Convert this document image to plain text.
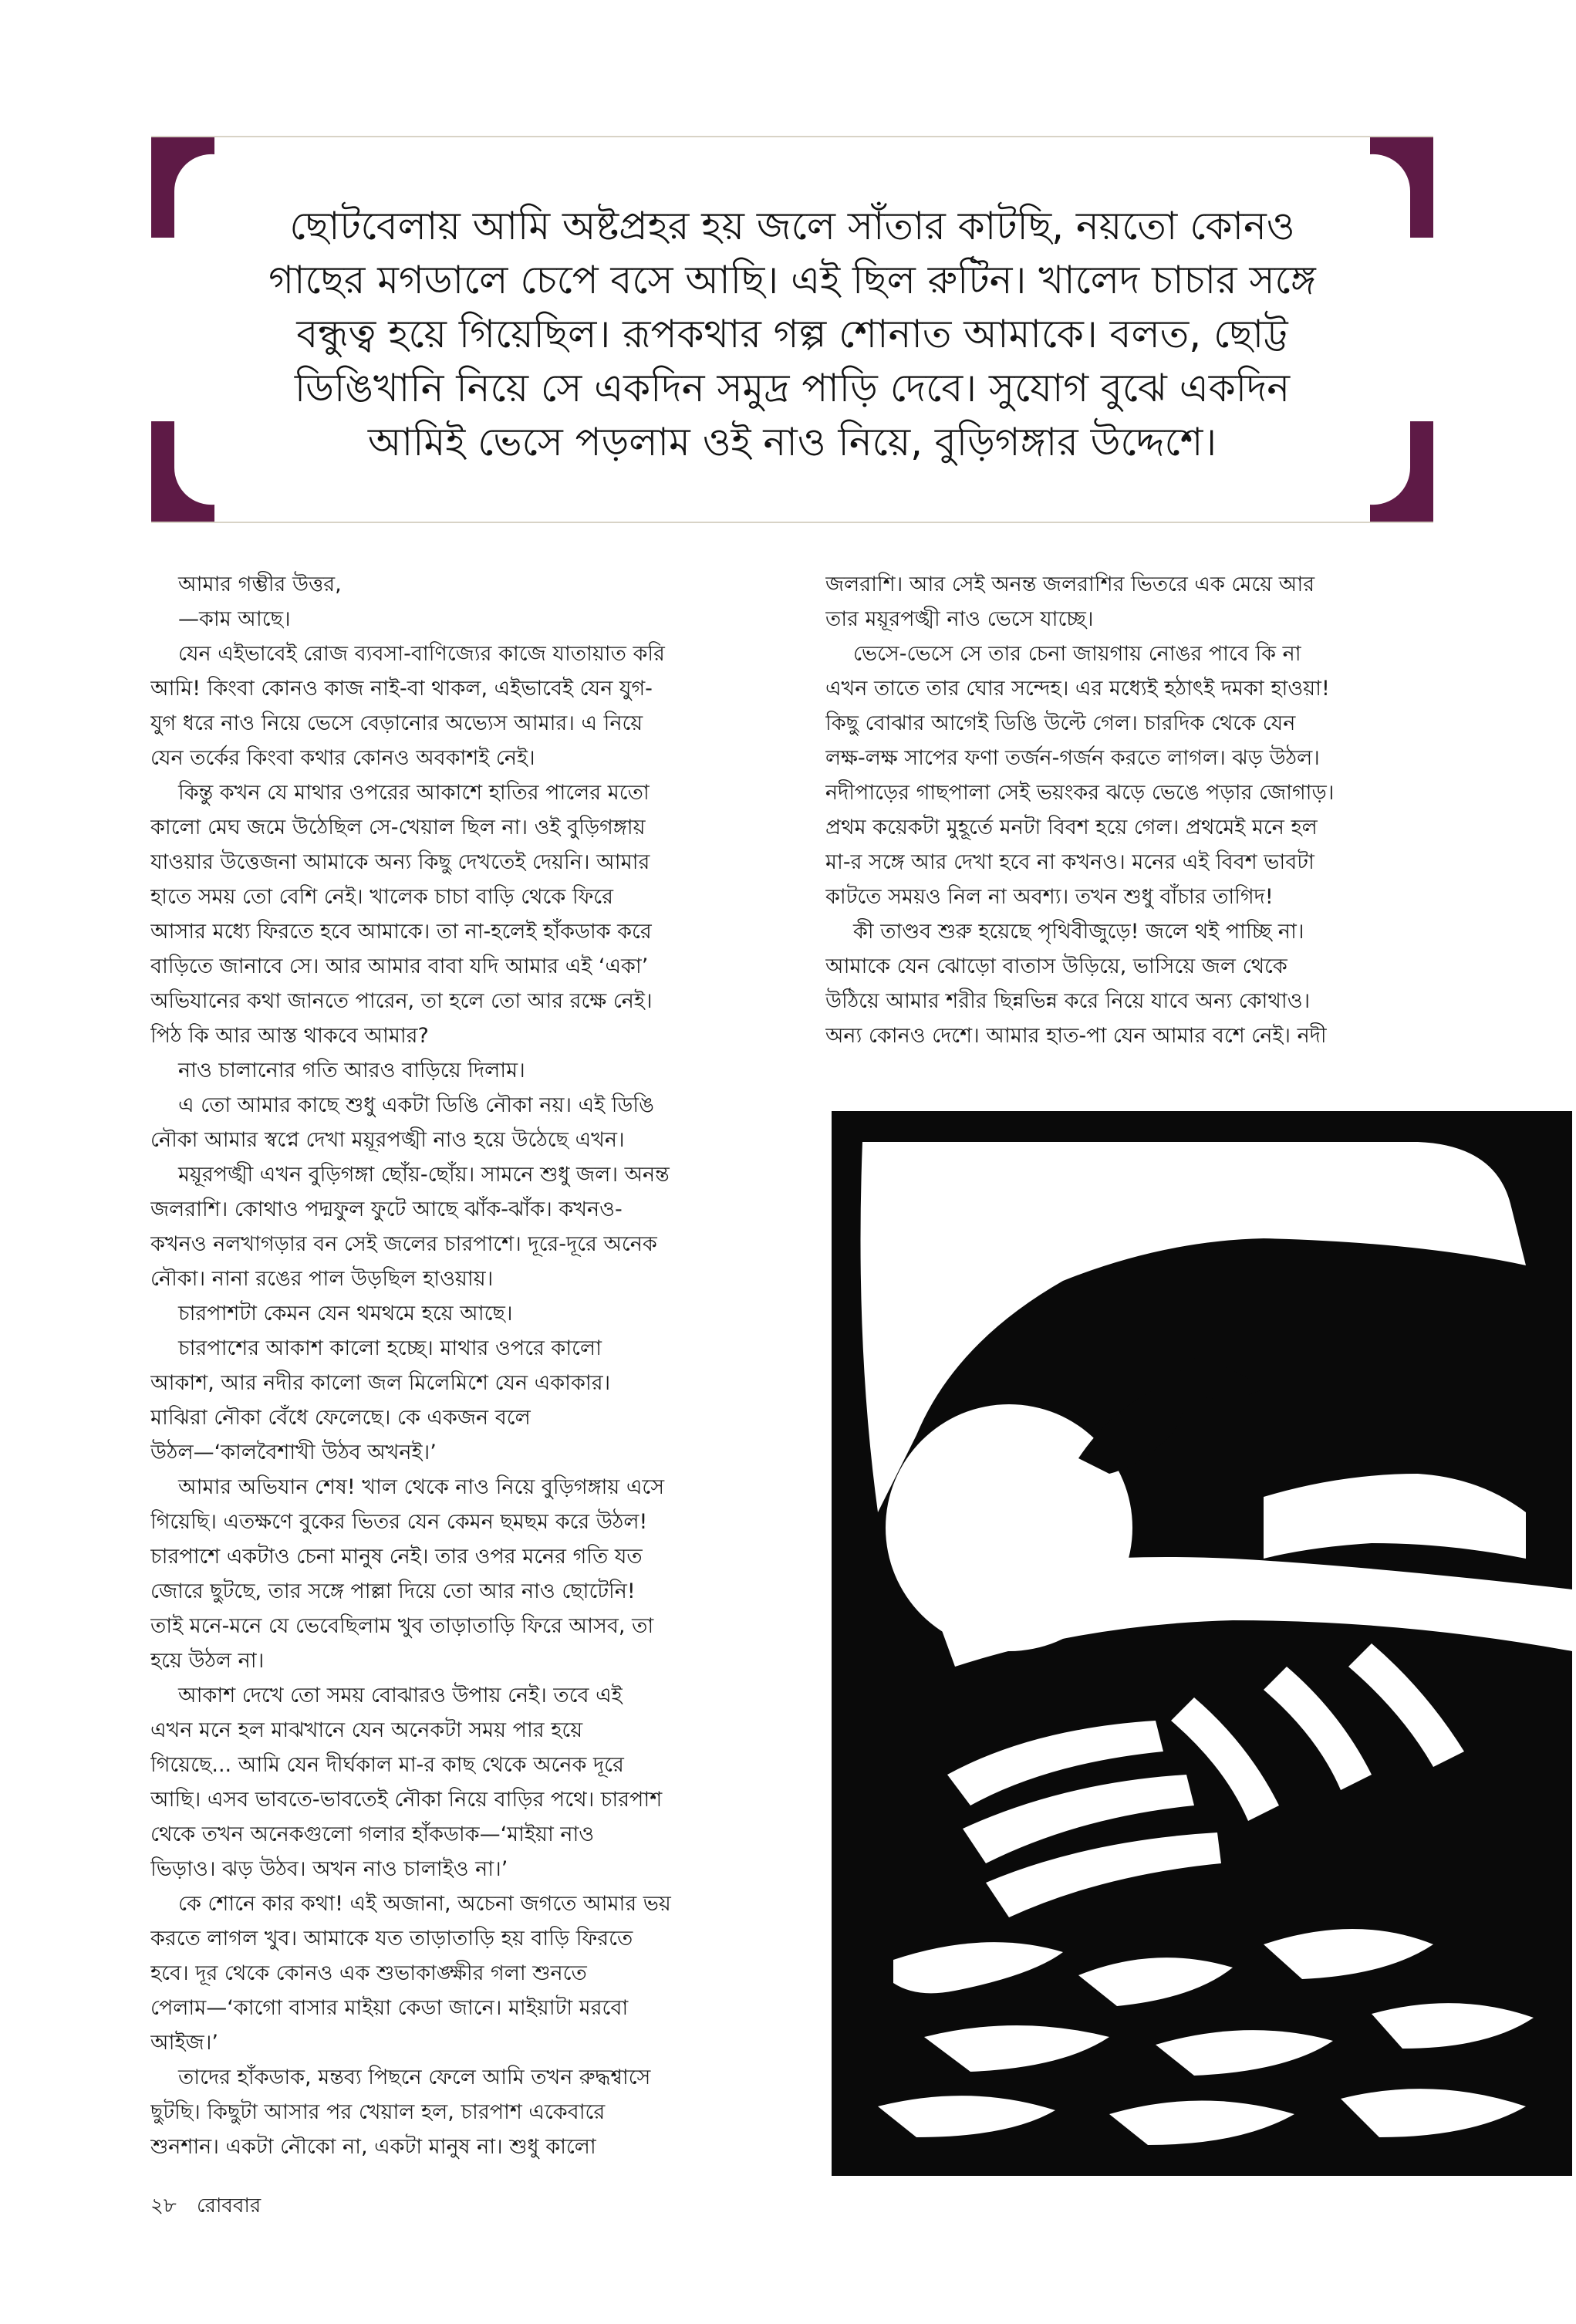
ছোটবেলায় আমি অষ্টপ্রহর হয় জলে সাঁতার কাটছি, নয়তো কোনও
গাছের মগডালে চেপে বসে আছি। এই ছিল রুটিন। খালেদ চাচার সঙ্গে
বন্ধুত্ব হয়ে গিয়েছিল। রূপকথার গল্প শোনাত আমাকে। বলত, ছোট্ট
ডিঙিখানি নিয়ে সে একদিন সমুদ্র পাড়ি দেবে। সুযোগ বুঝে একদিন
আমিই ভেসে পড়লাম ওই নাও নিয়ে, বুড়িগঙ্গার উদ্দেশে।

আমার গম্ভীর উত্তর,
—কাম আছে।
যেন এইভাবেই রোজ ব্যবসা-বাণিজ্যের কাজে যাতায়াত করি
আমি! কিংবা কোনও কাজ নাই-বা থাকল, এইভাবেই যেন যুগ-
যুগ ধরে নাও নিয়ে ভেসে বেড়ানোর অভ্যেস আমার। এ নিয়ে
যেন তর্কের কিংবা কথার কোনও অবকাশই নেই।
কিন্তু কখন যে মাথার ওপরের আকাশে হাতির পালের মতো
কালো মেঘ জমে উঠেছিল সে-খেয়াল ছিল না। ওই বুড়িগঙ্গায়
যাওয়ার উত্তেজনা আমাকে অন্য কিছু দেখতেই দেয়নি। আমার
হাতে সময় তো বেশি নেই। খালেক চাচা বাড়ি থেকে ফিরে
আসার মধ্যে ফিরতে হবে আমাকে। তা না-হলেই হাঁকডাক করে
বাড়িতে জানাবে সে। আর আমার বাবা যদি আমার এই ‘একা’
অভিযানের কথা জানতে পারেন, তা হলে তো আর রক্ষে নেই।
পিঠ কি আর আস্ত থাকবে আমার?
নাও চালানোর গতি আরও বাড়িয়ে দিলাম।
এ তো আমার কাছে শুধু একটা ডিঙি নৌকা নয়। এই ডিঙি
নৌকা আমার স্বপ্নে দেখা ময়ূরপঙ্খী নাও হয়ে উঠেছে এখন।
ময়ূরপঙ্খী এখন বুড়িগঙ্গা ছোঁয়-ছোঁয়। সামনে শুধু জল। অনন্ত
জলরাশি। কোথাও পদ্মফুল ফুটে আছে ঝাঁক-ঝাঁক। কখনও-
কখনও নলখাগড়ার বন সেই জলের চারপাশে। দূরে-দূরে অনেক
নৌকা। নানা রঙের পাল উড়ছিল হাওয়ায়।
চারপাশটা কেমন যেন থমথমে হয়ে আছে।
চারপাশের আকাশ কালো হচ্ছে। মাথার ওপরে কালো
আকাশ, আর নদীর কালো জল মিলেমিশে যেন একাকার।
মাঝিরা নৌকা বেঁধে ফেলেছে। কে একজন বলে
উঠল—‘কালবৈশাখী উঠব অখনই।’
আমার অভিযান শেষ! খাল থেকে নাও নিয়ে বুড়িগঙ্গায় এসে
গিয়েছি। এতক্ষণে বুকের ভিতর যেন কেমন ছমছম করে উঠল!
চারপাশে একটাও চেনা মানুষ নেই। তার ওপর মনের গতি যত
জোরে ছুটছে, তার সঙ্গে পাল্লা দিয়ে তো আর নাও ছোটেনি!
তাই মনে-মনে যে ভেবেছিলাম খুব তাড়াতাড়ি ফিরে আসব, তা
হয়ে উঠল না।
আকাশ দেখে তো সময় বোঝারও উপায় নেই। তবে এই
এখন মনে হল মাঝখানে যেন অনেকটা সময় পার হয়ে
গিয়েছে... আমি যেন দীর্ঘকাল মা-র কাছ থেকে অনেক দূরে
আছি। এসব ভাবতে-ভাবতেই নৌকা নিয়ে বাড়ির পথে। চারপাশ
থেকে তখন অনেকগুলো গলার হাঁকডাক—‘মাইয়া নাও
ভিড়াও। ঝড় উঠব। অখন নাও চালাইও না।’
কে শোনে কার কথা! এই অজানা, অচেনা জগতে আমার ভয়
করতে লাগল খুব। আমাকে যত তাড়াতাড়ি হয় বাড়ি ফিরতে
হবে। দূর থেকে কোনও এক শুভাকাঙ্ক্ষীর গলা শুনতে
পেলাম—‘কাগো বাসার মাইয়া কেডা জানে। মাইয়াটা মরবো
আইজ।’
তাদের হাঁকডাক, মন্তব্য পিছনে ফেলে আমি তখন রুদ্ধশ্বাসে
ছুটছি। কিছুটা আসার পর খেয়াল হল, চারপাশ একেবারে
শুনশান। একটা নৌকো না, একটা মানুষ না। শুধু কালো
জলরাশি। আর সেই অনন্ত জলরাশির ভিতরে এক মেয়ে আর
তার ময়ূরপঙ্খী নাও ভেসে যাচ্ছে।
ভেসে-ভেসে সে তার চেনা জায়গায় নোঙর পাবে কি না
এখন তাতে তার ঘোর সন্দেহ। এর মধ্যেই হঠাৎই দমকা হাওয়া!
কিছু বোঝার আগেই ডিঙি উল্টে গেল। চারদিক থেকে যেন
লক্ষ-লক্ষ সাপের ফণা তর্জন-গর্জন করতে লাগল। ঝড় উঠল।
নদীপাড়ের গাছপালা সেই ভয়ংকর ঝড়ে ভেঙে পড়ার জোগাড়।
প্রথম কয়েকটা মুহূর্তে মনটা বিবশ হয়ে গেল। প্রথমেই মনে হল
মা-র সঙ্গে আর দেখা হবে না কখনও। মনের এই বিবশ ভাবটা
কাটতে সময়ও নিল না অবশ্য। তখন শুধু বাঁচার তাগিদ!
কী তাণ্ডব শুরু হয়েছে পৃথিবীজুড়ে! জলে থই পাচ্ছি না।
আমাকে যেন ঝোড়ো বাতাস উড়িয়ে, ভাসিয়ে জল থেকে
উঠিয়ে আমার শরীর ছিন্নভিন্ন করে নিয়ে যাবে অন্য কোথাও।
অন্য কোনও দেশে। আমার হাত-পা যেন আমার বশে নেই। নদী
২৮ রোববার
